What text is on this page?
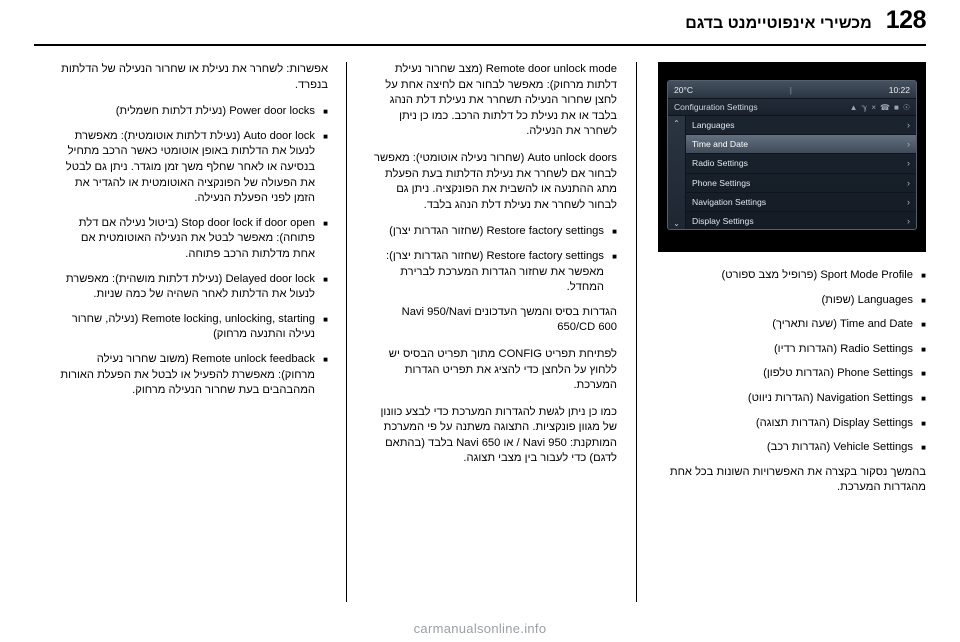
128
מכשירי אינפוטיימנט בדגם
20°C	|	10:22
Configuration Settings	▲ ℽ × ☎ ■ ☉
⌃
⌄
Languages	›
Time and Date	›
Radio Settings	›
Phone Settings	›
Navigation Settings	›
Display Settings	›
■ Sport Mode Profile (פרופיל מצב ספורט)
■ Languages (שפות)
■ Time and Date (שעה ותאריך)
■ Radio Settings (הגדרות רדיו)
■ Phone Settings (הגדרות טלפון)
■ Navigation Settings (הגדרות ניווט)
■ Display Settings (הגדרות תצוגה)
■ Vehicle Settings (הגדרות רכב)

בהמשך נסקור בקצרה את האפשרויות השונות בכל אחת מהגדרות המערכת.

Remote door unlock mode (מצב שחרור נעילת דלתות מרחוק): מאפשר לבחור אם לחיצה אחת על לחצן שחרור הנעילה תשחרר את נעילת דלת הנהג בלבד או את נעילת כל דלתות הרכב. כמו כן ניתן לשחרר את הנעילה.

Auto unlock doors (שחרור נעילה אוטומטי): מאפשר לבחור אם לשחרר את נעילת הדלתות בעת הפעלת מתג ההתנעה או להשבית את הפונקציה. ניתן גם לבחור לשחרר את נעילת דלת הנהג בלבד.

■ Restore factory settings (שחזור הגדרות יצרן)
■ Restore factory settings (שחזור הגדרות יצרן): מאפשר את שחזור הגדרות המערכת לברירת המחדל.

הגדרות בסיס והמשך העדכונים Navi 950/Navi 650/CD 600

לפתיחת תפריט CONFIG מתוך תפריט הבסיס יש ללחוץ על הלחצן כדי להציג את תפריט הגדרות המערכת.

כמו כן ניתן לגשת להגדרות המערכת כדי לבצע כוונון של מגוון פונקציות. התצוגה משתנה על פי המערכת המותקנת: Navi 950 / או Navi 650 בלבד (בהתאם לדגם) כדי לעבור בין מצבי תצוגה.

אפשרות: לשחרר את נעילת או שחרור הנעילה של הדלתות בנפרד.

■ Power door locks (נעילת דלתות חשמלית)
■ Auto door lock (נעילת דלתות אוטומטית): מאפשרת לנעול את הדלתות באופן אוטומטי כאשר הרכב מתחיל בנסיעה או לאחר שחלף משך זמן מוגדר. ניתן גם לבטל את הפעולה של הפונקציה האוטומטית או להגדיר את הזמן לפני הפעלת הנעילה.
■ Stop door lock if door open (ביטול נעילה אם דלת פתוחה): מאפשר לבטל את הנעילה האוטומטית אם אחת מדלתות הרכב פתוחה.
■ Delayed door lock (נעילת דלתות מושהית): מאפשרת לנעול את הדלתות לאחר השהיה של כמה שניות.
■ Remote locking, unlocking, starting (נעילה, שחרור נעילה והתנעה מרחוק)
■ Remote unlock feedback (משוב שחרור נעילה מרחוק): מאפשרת להפעיל או לבטל את הפעלת האורות המהבהבים בעת שחרור הנעילה מרחוק.
carmanualsonline.info
